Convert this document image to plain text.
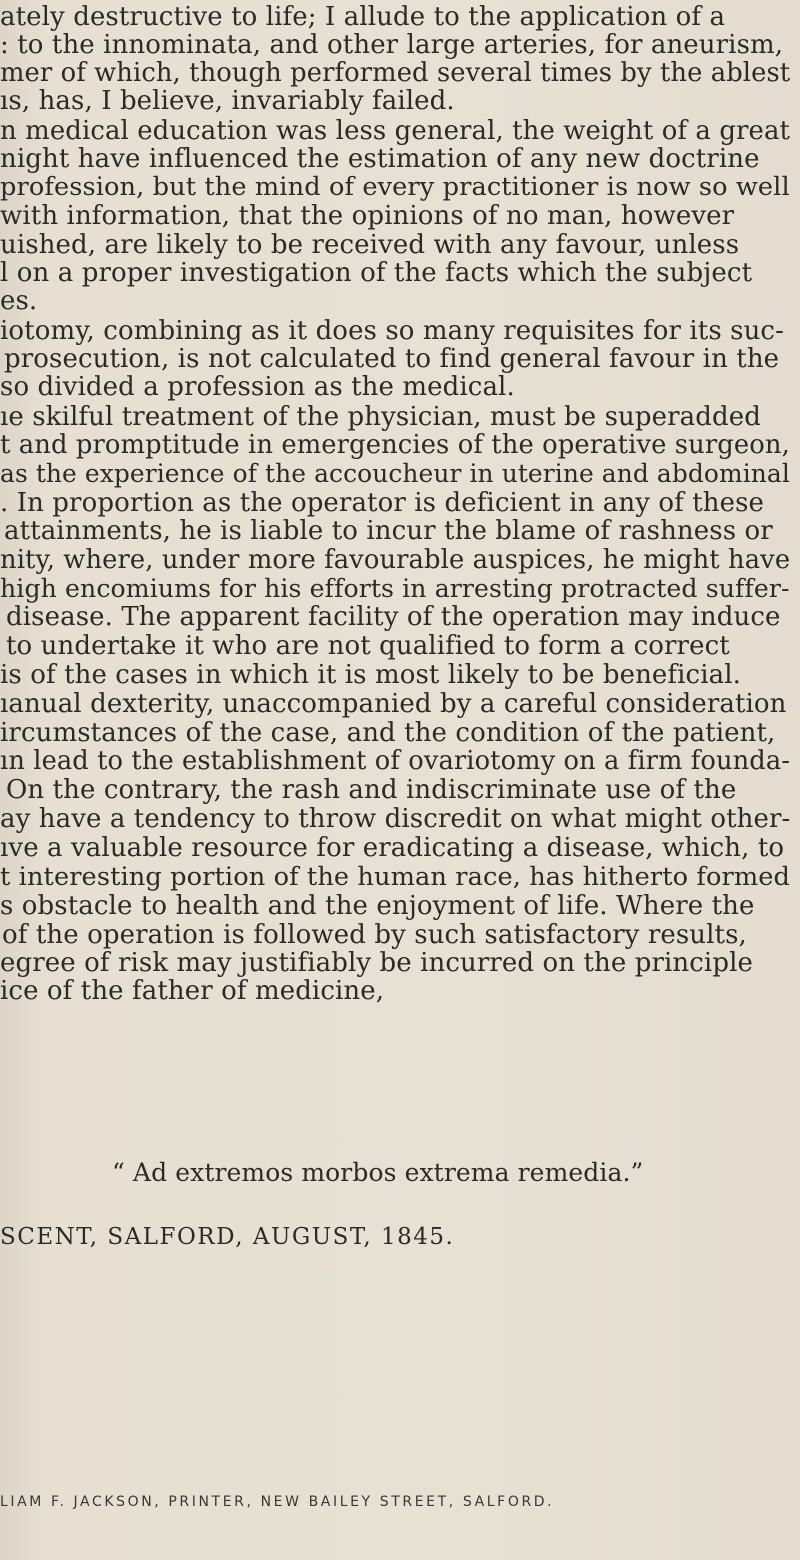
ately destructive to life; I allude to the application of a
: to the innominata, and other large arteries, for aneurism,
mer of which, though performed several times by the ablest
ıs, has, I believe, invariably failed.
n medical education was less general, the weight of a great
night have influenced the estimation of any new doctrine
profession, but the mind of every practitioner is now so well
with information, that the opinions of no man, however
uished, are likely to be received with any favour, unless
l on a proper investigation of the facts which the subject
es.
iotomy, combining as it does so many requisites for its suc-
prosecution, is not calculated to find general favour in the
so divided a profession as the medical.
ıe skilful treatment of the physician, must be superadded
t and promptitude in emergencies of the operative surgeon,
as the experience of the accoucheur in uterine and abdominal
. In proportion as the operator is deficient in any of these
attainments, he is liable to incur the blame of rashness or
nity, where, under more favourable auspices, he might have
high encomiums for his efforts in arresting protracted suffer-
disease. The apparent facility of the operation may induce
to undertake it who are not qualified to form a correct
is of the cases in which it is most likely to be beneficial.
ıanual dexterity, unaccompanied by a careful consideration
ircumstances of the case, and the condition of the patient,
ın lead to the establishment of ovariotomy on a firm founda-
On the contrary, the rash and indiscriminate use of the
ay have a tendency to throw discredit on what might other-
ıve a valuable resource for eradicating a disease, which, to
t interesting portion of the human race, has hitherto formed
s obstacle to health and the enjoyment of life. Where the
of the operation is followed by such satisfactory results,
egree of risk may justifiably be incurred on the principle
ice of the father of medicine,
“ Ad extremos morbos extrema remedia.”
SCENT, SALFORD, AUGUST, 1845.
LIAM F. JACKSON, PRINTER, NEW BAILEY STREET, SALFORD.
